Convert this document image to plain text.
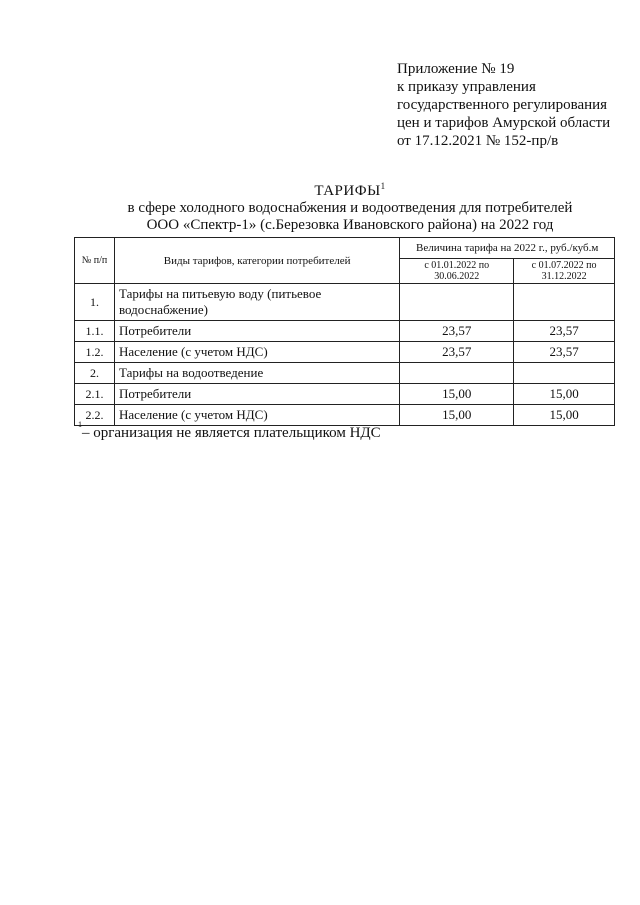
Приложение № 19
к приказу управления
государственного регулирования
цен и тарифов Амурской области
от 17.12.2021 № 152-пр/в
ТАРИФЫ$^1$
в сфере холодного водоснабжения и водоотведения для потребителей
ООО «Спектр-1» (с.Березовка Ивановского района) на 2022 год
№ п/п	Виды тарифов, категории потребителей	Величина тарифа на 2022 г., руб./куб.м	
		с 01.01.2022 по 30.06.2022	с 01.07.2022 по 31.12.2022
1.	Тарифы на питьевую воду (питьевое водоснабжение)		
1.1.	Потребители	23,57	23,57
1.2.	Население (с учетом НДС)	23,57	23,57
2.	Тарифы на водоотведение		
2.1.	Потребители	15,00	15,00
2.2.	Население (с учетом НДС)	15,00	15,00
$^1$– организация не является плательщиком НДС
